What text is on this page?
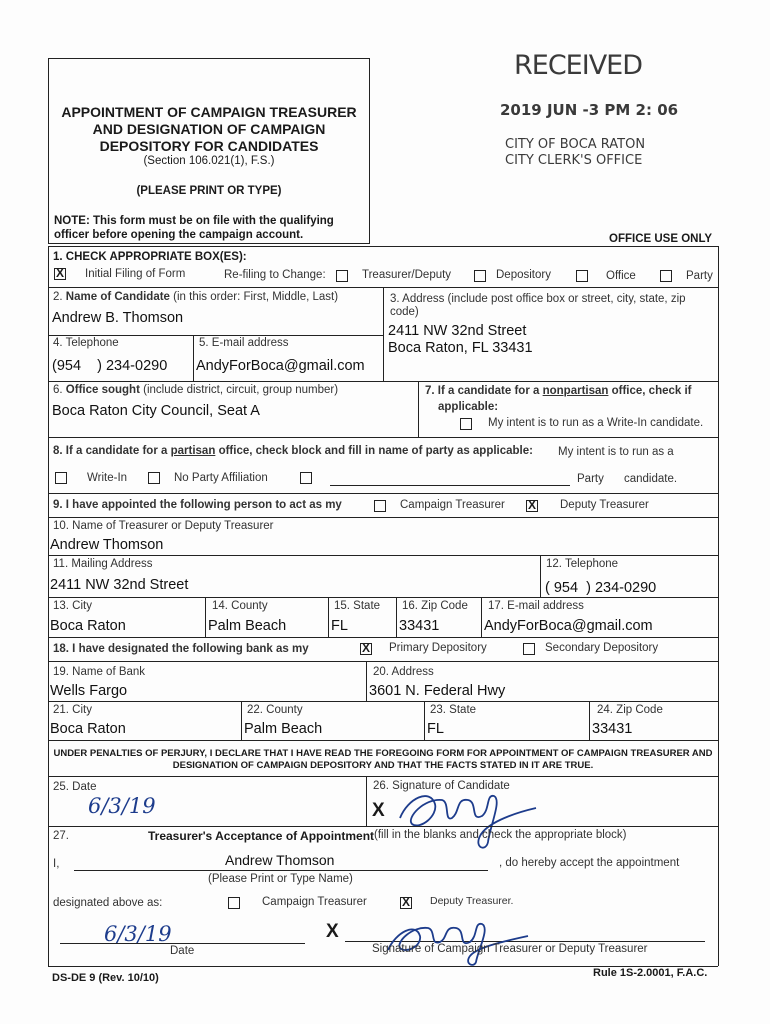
APPOINTMENT OF CAMPAIGN TREASURER
AND DESIGNATION OF CAMPAIGN
DEPOSITORY FOR CANDIDATES
(Section 106.021(1), F.S.)
(PLEASE PRINT OR TYPE)
NOTE: This form must be on file with the qualifying
officer before opening the campaign account.
RECEIVED
2019 JUN -3 PM 2: 06
CITY OF BOCA RATON
CITY CLERK'S OFFICE
OFFICE USE ONLY
1. CHECK APPROPRIATE BOX(ES):
X Initial Filing of Form	Re-filing to Change:	Treasurer/Deputy	Depository	Office	Party
2. Name of Candidate (in this order: First, Middle, Last)
Andrew B. Thomson
3. Address (include post office box or street, city, state, zip
code)
2411 NW 32nd Street
Boca Raton, FL 33431
4. Telephone
(954    ) 234-0290
5. E-mail address
AndyForBoca@gmail.com
6. Office sought (include district, circuit, group number)
Boca Raton City Council, Seat A
7. If a candidate for a nonpartisan office, check if
applicable:
My intent is to run as a Write-In candidate.
8. If a candidate for a partisan office, check block and fill in name of party as applicable: My intent is to run as a
Write-In	No Party Affiliation	Party candidate.
9. I have appointed the following person to act as my	Campaign Treasurer X Deputy Treasurer
10. Name of Treasurer or Deputy Treasurer
Andrew Thomson
11. Mailing Address
2411 NW 32nd Street
12. Telephone
( 954  ) 234-0290
13. City
Boca Raton
14. County
Palm Beach
15. State
FL
16. Zip Code
33431
17. E-mail address
AndyForBoca@gmail.com
18. I have designated the following bank as my	X Primary Depository	Secondary Depository
19. Name of Bank
Wells Fargo
20. Address
3601 N. Federal Hwy
21. City
Boca Raton
22. County
Palm Beach
23. State
FL
24. Zip Code
33431
UNDER PENALTIES OF PERJURY, I DECLARE THAT I HAVE READ THE FOREGOING FORM FOR APPOINTMENT OF CAMPAIGN TREASURER AND
DESIGNATION OF CAMPAIGN DEPOSITORY AND THAT THE FACTS STATED IN IT ARE TRUE.
25. Date
6/3/19
26. Signature of Candidate
X
27.	Treasurer's Acceptance of Appointment (fill in the blanks and check the appropriate block)
I,	Andrew Thomson	, do hereby accept the appointment
(Please Print or Type Name)
designated above as:	Campaign Treasurer	X Deputy Treasurer.
6/3/19
Date
X
Signature of Campaign Treasurer or Deputy Treasurer
DS-DE 9 (Rev. 10/10)	Rule 1S-2.0001, F.A.C.
